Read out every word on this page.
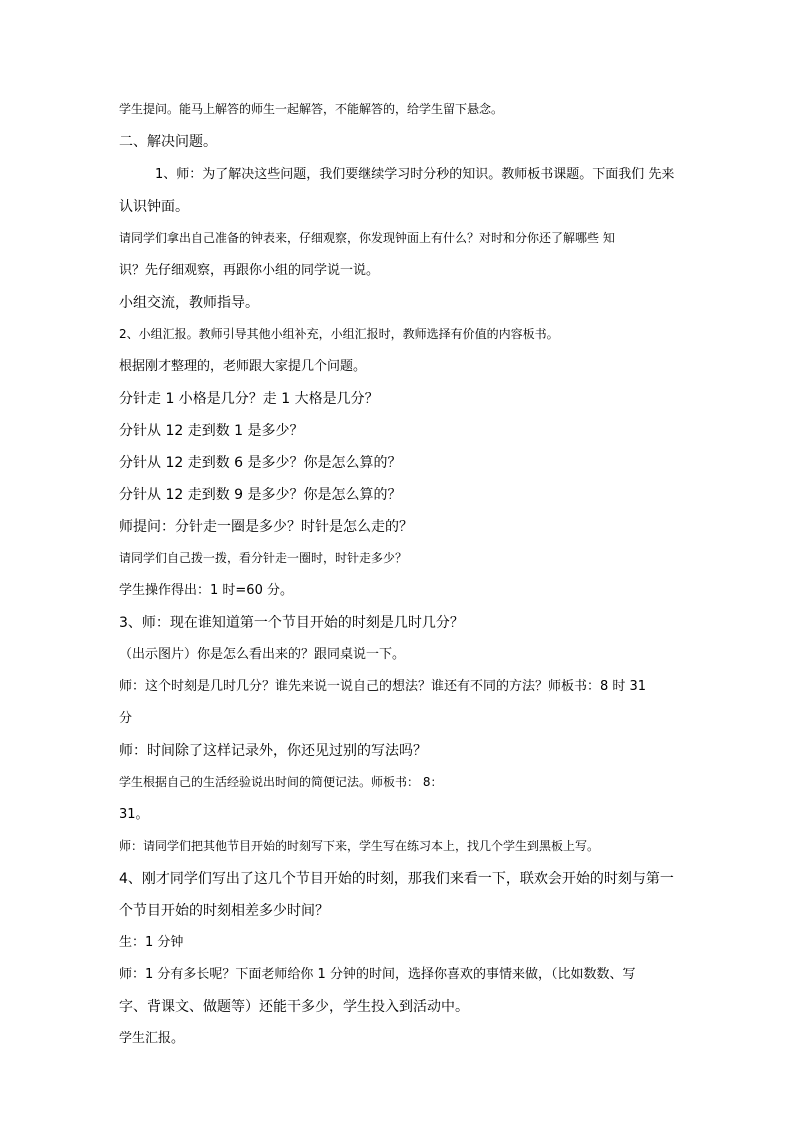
学生提问。能马上解答的师生一起解答，不能解答的，给学生留下悬念。
二、解决问题。
1、师：为了解决这些问题，我们要继续学习时分秒的知识。教师板书课题。下面我们 先来
认识钟面。
请同学们拿出自己准备的钟表来，仔细观察，你发现钟面上有什么？对时和分你还了解哪些 知
识？先仔细观察，再跟你小组的同学说一说。
小组交流，教师指导。
2、小组汇报。教师引导其他小组补充，小组汇报时，教师选择有价值的内容板书。
根据刚才整理的，老师跟大家提几个问题。
分针走 1 小格是几分？走 1 大格是几分？
分针从 12 走到数 1 是多少？
分针从 12 走到数 6 是多少？你是怎么算的？
分针从 12 走到数 9 是多少？你是怎么算的？
师提问：分针走一圈是多少？时针是怎么走的？
请同学们自己拨一拨，看分针走一圈时，时针走多少？
学生操作得出：1 时=60 分。
3、师：现在谁知道第一个节目开始的时刻是几时几分？
（出示图片）你是怎么看出来的？跟同桌说一下。
师：这个时刻是几时几分？谁先来说一说自己的想法？谁还有不同的方法？师板书：8 时 31
分
师：时间除了这样记录外，你还见过别的写法吗？
学生根据自己的生活经验说出时间的简便记法。师板书： 8：
31。
师：请同学们把其他节目开始的时刻写下来，学生写在练习本上，找几个学生到黑板上写。
4、刚才同学们写出了这几个节目开始的时刻，那我们来看一下，联欢会开始的时刻与第一
个节目开始的时刻相差多少时间？
生：1 分钟
师：1 分有多长呢？下面老师给你 1 分钟的时间，选择你喜欢的事情来做，（比如数数、写
字、背课文、做题等）还能干多少，学生投入到活动中。
学生汇报。
